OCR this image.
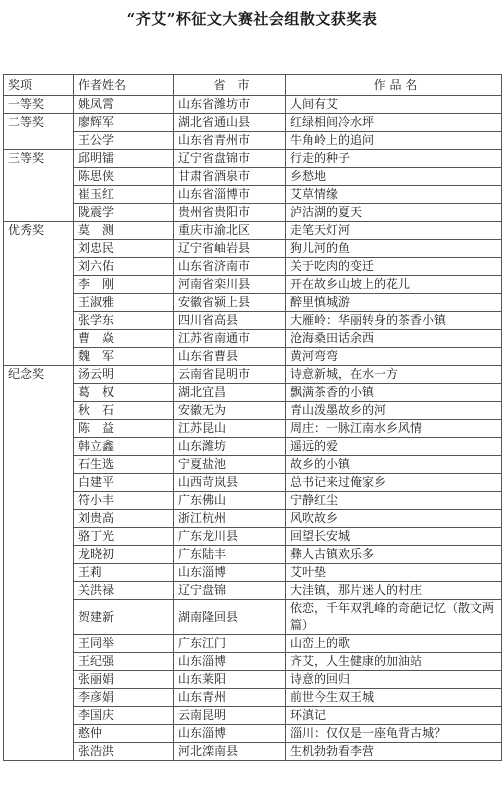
“齐艾”杯征文大赛社会组散文获奖表
奖项	作者姓名	省　市	作 品 名
一等奖	姚凤霄	山东省潍坊市	人间有艾
二等奖	廖辉军	湖北省通山县	红绿相间冷水坪
	王公学	山东省青州市	牛角岭上的追问
三等奖	邱明镭	辽宁省盘锦市	行走的种子
	陈思侠	甘肃省酒泉市	乡愁地
	崔玉红	山东省淄博市	艾草情缘
	陇震学	贵州省贵阳市	泸沽湖的夏天
优秀奖	莫　测	重庆市渝北区	走笔天灯河
	刘忠民	辽宁省岫岩县	狗儿河的鱼
	刘六佑	山东省济南市	关于吃肉的变迁
	李　刚	河南省栾川县	开在故乡山坡上的花儿
	王淑雅	安徽省颍上县	醉里慎城游
	张学东	四川省高县	大雁岭：华丽转身的茶香小镇
	曹　焱	江苏省南通市	沧海桑田话余西
	魏　军	山东省曹县	黄河弯弯
纪念奖	汤云明	云南省昆明市	诗意新城，在水一方
	葛　权	湖北宜昌	飘满茶香的小镇
	秋　石	安徽无为	青山泼墨故乡的河
	陈　益	江苏昆山	周庄：一脉江南水乡风情
	韩立鑫	山东潍坊	遥远的爱
	石生选	宁夏盐池	故乡的小镇
	白建平	山西苛岚县	总书记来过俺家乡
	符小丰	广东佛山	宁静红尘
	刘贵高	浙江杭州	风吹故乡
	骆丁光	广东龙川县	回望长安城
	龙晓初	广东陆丰	彝人古镇欢乐多
	王莉	山东淄博	艾叶垫
	关洪禄	辽宁盘锦	大洼镇，那片迷人的村庄
	贺建新	湖南隆回县	依恋，千年双乳峰的奇葩记忆（散文两篇）
	王同举	广东江门	山峦上的歌
	王纪强	山东淄博	齐艾，人生健康的加油站
	张丽娟	山东莱阳	诗意的回归
	李彦娟	山东青州	前世今生双王城
	李国庆	云南昆明	环滇记
	憨仲	山东淄博	淄川：仅仅是一座龟背古城？
	张浩洪	河北滦南县	生机勃勃看李营
